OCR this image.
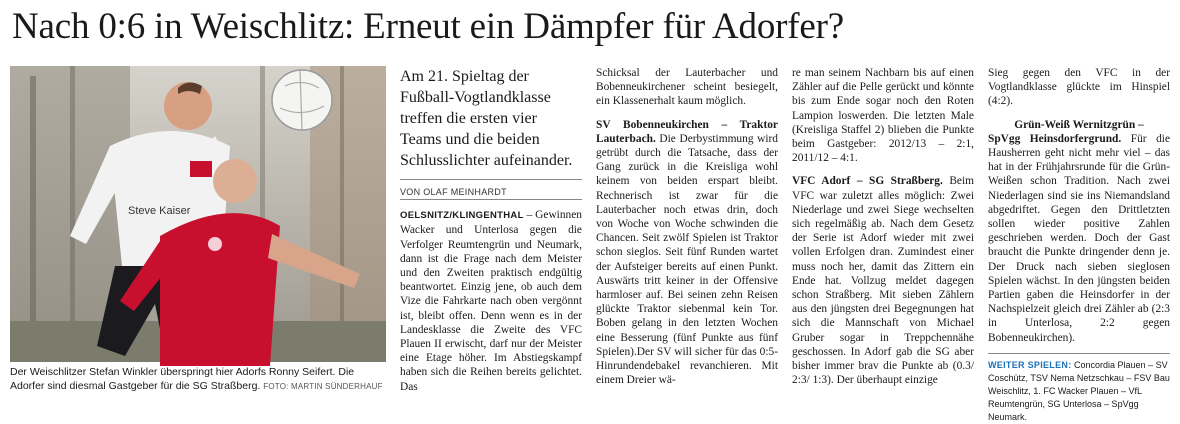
Nach 0:6 in Weischlitz: Erneut ein Dämpfer für Adorfer?
Steve Kaiser
Der Weischlitzer Stefan Winkler überspringt hier Adorfs Ronny Seifert. Die Adorfer sind diesmal Gastgeber für die SG Straßberg. FOTO: MARTIN SÜNDERHAUF

Am 21. Spieltag der Fußball-Vogtlandklasse treffen die ersten vier Teams und die beiden Schlusslichter aufeinander.

VON OLAF MEINHARDT

OELSNITZ/KLINGENTHAL – Gewinnen Wacker und Unterlosa gegen die Verfolger Reumtengrün und Neumark, dann ist die Frage nach dem Meister und den Zweiten praktisch endgültig beantwortet. Einzig jene, ob auch dem Vize die Fahrkarte nach oben vergönnt ist, bleibt offen. Denn wenn es in der Landesklasse die Zweite des VFC Plauen II erwischt, darf nur der Meister eine Etage höher. Im Abstiegskampf haben sich die Reihen bereits gelichtet. Das

Schicksal der Lauterbacher und Bobenneukirchener scheint besiegelt, ein Klassenerhalt kaum möglich.

SV Bobenneukirchen – Traktor Lauterbach. Die Derbystimmung wird getrübt durch die Tatsache, dass der Gang zurück in die Kreisliga wohl keinem von beiden erspart bleibt. Rechnerisch ist zwar für die Lauterbacher noch etwas drin, doch von Woche von Woche schwinden die Chancen. Seit zwölf Spielen ist Traktor schon sieglos. Seit fünf Runden wartet der Aufsteiger bereits auf einen Punkt. Auswärts tritt keiner in der Offensive harmloser auf. Bei seinen zehn Reisen glückte Traktor siebenmal kein Tor. Boben gelang in den letzten Wochen eine Besserung (fünf Punkte aus fünf Spielen).Der SV will sicher für das 0:5-Hinrundendebakel revanchieren. Mit einem Dreier wä-

re man seinem Nachbarn bis auf einen Zähler auf die Pelle gerückt und könnte bis zum Ende sogar noch den Roten Lampion loswerden. Die letzten Male (Kreisliga Staffel 2) blieben die Punkte beim Gastgeber: 2012/13 – 2:1, 2011/12 – 4:1.

VFC Adorf – SG Straßberg. Beim VFC war zuletzt alles möglich: Zwei Niederlage und zwei Siege wechselten sich regelmäßig ab. Nach dem Gesetz der Serie ist Adorf wieder mit zwei vollen Erfolgen dran. Zumindest einer muss noch her, damit das Zittern ein Ende hat. Vollzug meldet dagegen schon Straßberg. Mit sieben Zählern aus den jüngsten drei Begegnungen hat sich die Mannschaft von Michael Gruber sogar in Treppchennähe geschossen. In Adorf gab die SG aber bisher immer brav die Punkte ab (0.3/ 2:3/ 1:3). Der überhaupt einzige

Sieg gegen den VFC in der Vogtlandklasse glückte im Hinspiel (4:2).

Grün-Weiß Wernitzgrün –

SpVgg Heinsdorfergrund. Für die Hausherren geht nicht mehr viel – das hat in der Frühjahrsrunde für die Grün-Weißen schon Tradition. Nach zwei Niederlagen sind sie ins Niemandsland abgedriftet. Gegen den Drittletzten sollen wieder positive Zahlen geschrieben werden. Doch der Gast braucht die Punkte dringender denn je. Der Druck nach sieben sieglosen Spielen wächst. In den jüngsten beiden Partien gaben die Heinsdorfer in der Nachspielzeit gleich drei Zähler ab (2:3 in Unterlosa, 2:2 gegen Bobenneukirchen).

WEITER SPIELEN: Concordia Plauen – SV Coschütz, TSV Nema Netzschkau – FSV Bau Weischlitz, 1. FC Wacker Plauen – VfL Reumtengrün, SG Unterlosa – SpVgg Neumark.
